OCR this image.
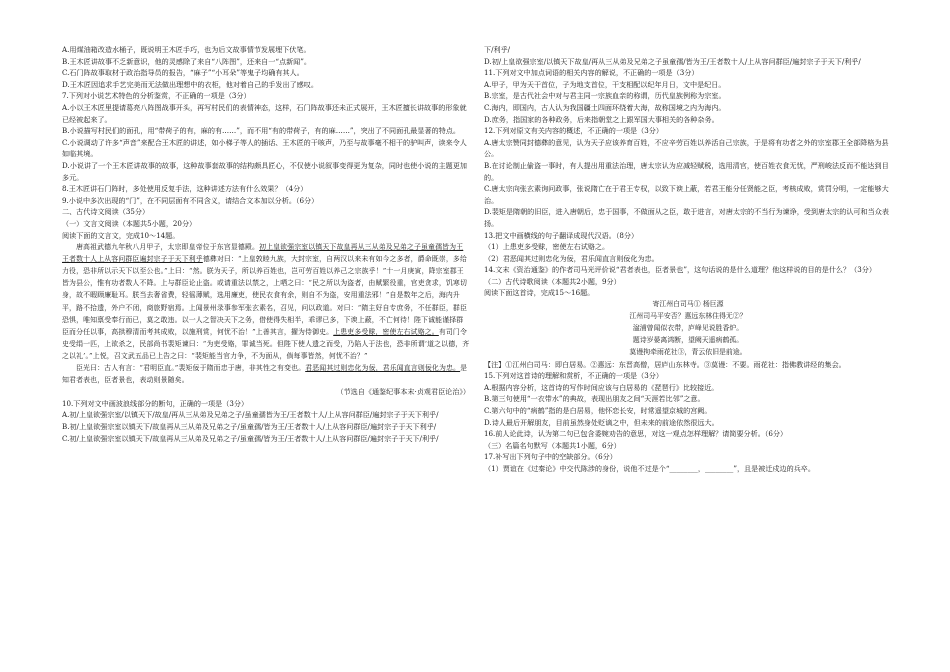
A.用煤油箱改造水桶子，既说明王木匠手巧，也为后文故事情节发展埋下伏笔。

B.王木匠讲故事不乏新意识，他的灵感除了来自“八阵图”，还来自一“点新闻”。

C.石门阵故事取材于政治指导员的报告，“麻子”“小耳朵”等鬼子均确有其人。

D.王木匠因追求手艺完美而无法做出理想中的衣柜，他对着自己的手发出了感叹。

7.下列对小说艺术特色的分析鉴赏，不正确的一项是（3分）

A.小以王木匠里提请葛亮八阵图战事开头，再写村民们的表情神态，这样，石门阵故事还未正式展开，王木匠擅长讲故事的形象就已经被起来了。

B.小说描写村民们的面孔，用“带荷子的有，麻的有……”，而不用“有的带荷子，有的麻……”，突出了不同面孔最显著的特点。

C.小说调动了许多“声音”来配合王木匠的讲述，如小梯子等人的插话、王木匠的干咳声，乃至与故事毫不相干的驴叫声，读来令人如临其境。

D.小说讲了一个王木匠讲故事的故事，这种故事套故事的结构颇具匠心，不仅使小说叙事变得更为复杂，同时也使小说的主题更加多元。

8.王木匠讲石门阵时，多处使用反复手法，这种讲述方法有什么效果？（4分）

9.小说中多次出现的“门”，在不同层面有不同含义，请结合文本加以分析。（6分）

二、古代诗文阅读（35分）

（一）文言文阅读（本题共5小题，20分）

阅读下面的文言文，完成10～14题。

唐高祖武德九年秋八月甲子，太宗即皇帝位于东宫显德殿。初上皇欲强宗室以镇天下故皇再从三从弟及兄弟之子虽童孺皆为王王者数十人上从容问群臣遍封宗子于天下利乎德彝对曰：“上皇敦睦九族，大封宗室，自两汉以来未有如今之多者，爵命既崇，多给力役，恐非所以示天下以至公也。”上曰：“然。朕为天子，所以养百姓也，岂可劳百姓以养己之宗族乎！”十一月庚寅，降宗室郡王皆为县公，惟有功者数人不降。上与群臣论止盗。或请重法以禁之，上哂之曰：“民之所以为盗者，由赋繁役重，官吏贪求，饥寒切身，故不暇顾廉耻耳。朕当去奢省费，轻徭薄赋，选用廉吏，使民衣食有余，则自不为盗，安用重法邪！”自是数年之后，海内升平，路不拾遗，外户不闭，商旅野宿焉。上闻景州录事参军张玄素名，召见，问以政道。对曰：“隋主好自专庶务，不任群臣，群臣恐惧，唯知禀受奉行而已，莫之敢违。以一人之智决天下之务，借使得失相半，乖谬已多，下谀上蔽，不亡何待！陛下诚能谨择群臣而分任以事，高拱穆清而考其成败，以施刑赏，何忧不治！”上善其言，擢为侍御史。上患吏多受赇，密使左右试赂之。有司门令史受绢一匹，上欲杀之，民部尚书裴矩谏曰：“为吏受赂，罪诚当死。但陛下使人遗之而受，乃陷人于法也，恐非所谓‘道之以德，齐之以礼’。”上悦，召文武五品已上告之曰：“裴矩能当官力争，不为面从，倘每事皆然，何忧不治？”

臣光曰：古人有言：“君明臣直。”裴矩佞于隋而忠于唐，非其性之有变也。君恶闻其过则忠化为佞，君乐闻直言则佞化为忠。是知君者表也，臣者景也，表动则景随矣。

（节选自《通鉴纪事本末·贞观君臣论治》）

10.下列对文中画波浪线部分的断句，正确的一项是（3分）

A.初/上皇欲强宗室/以镇天下/故皇/再从三从弟及兄弟之子/虽童孺皆为王/王者数十人/上从容问群臣/遍封宗子于天下利乎/

B.初/上皇欲强宗室以镇天下/故皇再从三从弟及兄弟之子/虽童孺/皆为王/王者数十人/上从容问群臣/遍封宗子于天下利乎/

C.初/上皇欲强宗室以镇天下/故皇再从三从弟及兄弟之子/虽童孺/皆为王/王者数十人/上从容问群臣/遍封宗子于天下/利乎/

下/利乎/

D.初/上皇欲强宗室/以镇天下故皇/再从三从弟及兄弟之子虽童孺/皆为王/王者数十人/上从容问群臣/遍封宗子于天下/利乎/

11.下列对文中加点词语的相关内容的解说，不正确的一项是（3分）

A.甲子，甲为天干首位，子为地支首位，干支相配以纪年月日，文中是纪日。

B.宗室，是古代社会中对与君主同一宗族血亲的称谓，历代皇族例称为宗室。

C.海内，即国内，古人认为我国疆土四面环绕着大海，故称国境之内为海内。

D.庶务，指国家的各种政务，后来指朝堂之上跟军国大事相关的各种杂务。

12.下列对原文有关内容的概述，不正确的一项是（3分）

A.唐太宗赞同封德彝的意见，认为天子应该养育百姓，不应辛劳百姓以养活自己宗族，于是将有功者之外的宗室郡王全部降格为县公。

B.在讨论制止偷盗一事时，有人提出用重法治理，唐太宗认为应减轻赋税，选用清官，使百姓衣食无忧，严刑峻法反而不能达到目的。

C.唐太宗向张玄素询问政事，张说隋亡在于君王专权，以致下谀上蔽，若君王能分任贤能之臣，考核成败，赏罚分明，一定能够大治。

D.裴矩是隋朝的旧臣，进入唐朝后，忠于国事，不做面从之臣，敢于进言，对唐太宗的不当行为谏诤，受到唐太宗的认可和当众表扬。

13.把文中画横线的句子翻译成现代汉语。（8分）

（1）上患吏多受赇，密使左右试赂之。

（2）君恶闻其过则忠化为佞，君乐闻直言则佞化为忠。

14.文末《资治通鉴》的作者司马光评价说“君者表也，臣者景也”，这句话说的是什么道理？他这样说的目的是什么？（3分）

（二）古代诗歌阅读（本题共2小题，9分）

阅读下面这首诗，完成15～16题。

寄江州白司马① 杨巨源

江州司马平安否？惠远东林住得无②？

湓浦曾闻似衣带，庐峰见说胜香炉。

题诗岁晏离鸿断，望阙天遥病鹤孤。

莫谩拘牵雨花社③，青云依旧是前途。

【注】①江州白司马：即白居易。②惠远：东晋高僧，居庐山东林寺。③莫谩：不要。雨花社：指佛教讲经的集会。

15.下列对这首诗的理解和赏析，不正确的一项是（3分）

A.根据内容分析，这首诗的写作时间应该与白居易的《琵琶行》比较接近。

B.第三句使用“一衣带水”的典故，表现出朋友之间“天涯若比邻”之意。

C.第六句中的“病鹤”指的是白居易，他怀恋长安，时常遥望京城的宫阙。

D.诗人最后开解朋友，目前虽然身处贬谪之中，但未来的前途依然很远大。

16.前人论此诗，认为第二句已包含委婉劝告的意思，对这一观点怎样理解？请简要分析。（6分）

（三）名篇名句默写（本题共1小题，6分）

17.补写出下列句子中的空缺部分。（6分）

（1）贾谊在《过秦论》中交代陈涉的身份，说他不过是个“________，________”，且是被迁戍边的兵卒。
